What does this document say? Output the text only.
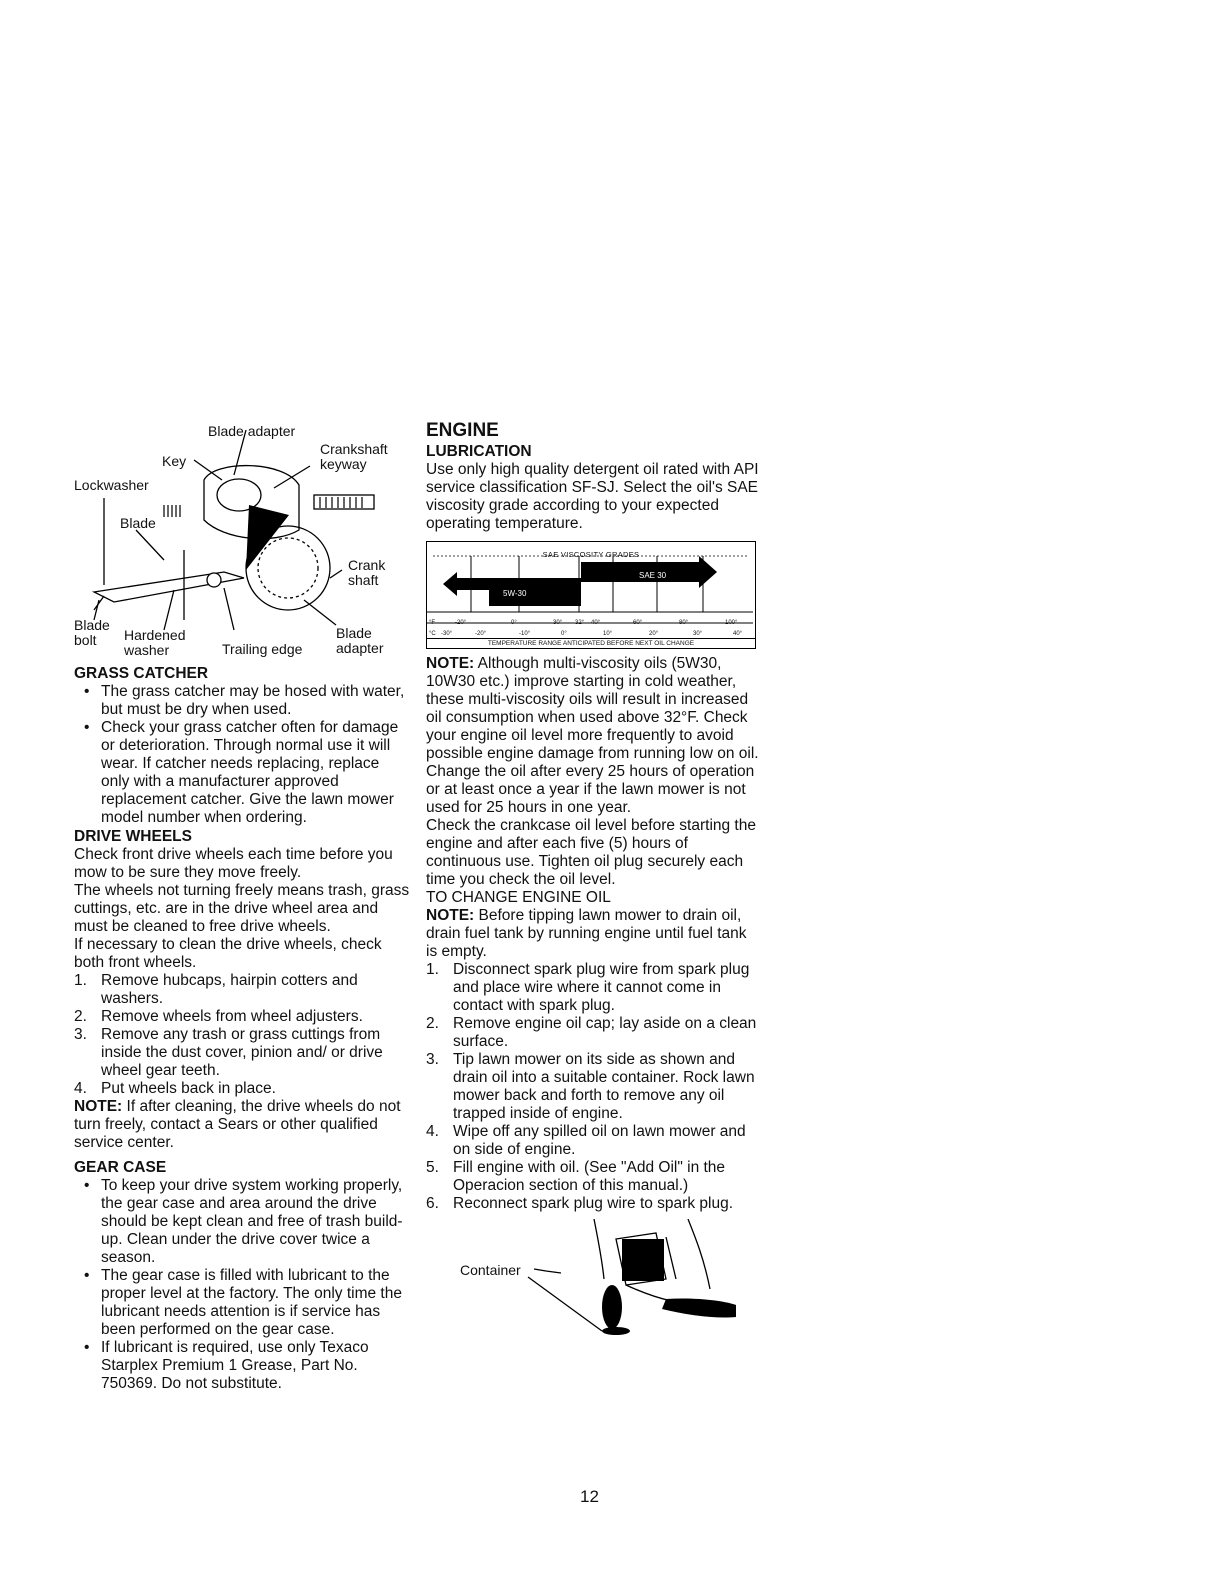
Blade adapter
Key
Crankshaft keyway
Lockwasher
Blade
Crank shaft
Blade bolt	Hardened washer	Trailing edge
Blade adapter
GRASS CATCHER
• The grass catcher may be hosed with water, but must be dry when used.
• Check your grass catcher often for damage or deterioration. Through normal use it will wear. If catcher needs replacing, replace only with a manufacturer approved replacement catcher. Give the lawn mower model number when ordering.
DRIVE WHEELS

Check front drive wheels each time before you mow to be sure they move freely.

The wheels not turning freely means trash, grass cuttings, etc. are in the drive wheel area and must be cleaned to free drive wheels.

If necessary to clean the drive wheels, check both front wheels.

1. Remove hubcaps, hairpin cotters and washers.
2. Remove wheels from wheel adjusters.
3. Remove any trash or grass cuttings from inside the dust cover, pinion and/ or drive wheel gear teeth.
4. Put wheels back in place.

NOTE: If after cleaning, the drive wheels do not turn freely, contact a Sears or other qualified service center.

GEAR CASE
• To keep your drive system working properly, the gear case and area around the drive should be kept clean and free of trash build-up. Clean under the drive cover twice a season.
• The gear case is filled with lubricant to the proper level at the factory. The only time the lubricant needs attention is if service has been performed on the gear case.
• If lubricant is required, use only Texaco Starplex Premium 1 Grease, Part No. 750369. Do not substitute.
ENGINE
LUBRICATION

Use only high quality detergent oil rated with API service classification SF-SJ. Select the oil's SAE viscosity grade according to your expected operating temperature.

SAE VISCOSITY GRADES
5W-30
SAE 30
°F	-20°	0°	30° 32° 40°	60°	80°	100°
°C -30°	-20°	-10°	0°	10°	20°	30°	40°
TEMPERATURE RANGE ANTICIPATED BEFORE NEXT OIL CHANGE

NOTE: Although multi-viscosity oils (5W30, 10W30 etc.) improve starting in cold weather, these multi-viscosity oils will result in increased oil consumption when used above 32°F. Check your engine oil level more frequently to avoid possible engine damage from running low on oil.

Change the oil after every 25 hours of operation or at least once a year if the lawn mower is not used for 25 hours in one year.

Check the crankcase oil level before starting the engine and after each five (5) hours of continuous use. Tighten oil plug securely each time you check the oil level.

TO CHANGE ENGINE OIL

NOTE: Before tipping lawn mower to drain oil, drain fuel tank by running engine until fuel tank is empty.

1. Disconnect spark plug wire from spark plug and place wire where it cannot come in contact with spark plug.
2. Remove engine oil cap; lay aside on a clean surface.
3. Tip lawn mower on its side as shown and drain oil into a suitable container. Rock lawn mower back and forth to remove any oil trapped inside of engine.
4. Wipe off any spilled oil on lawn mower and on side of engine.
5. Fill engine with oil. (See "Add Oil" in the Operacion section of this manual.)
6. Reconnect spark plug wire to spark plug.
Container
12
